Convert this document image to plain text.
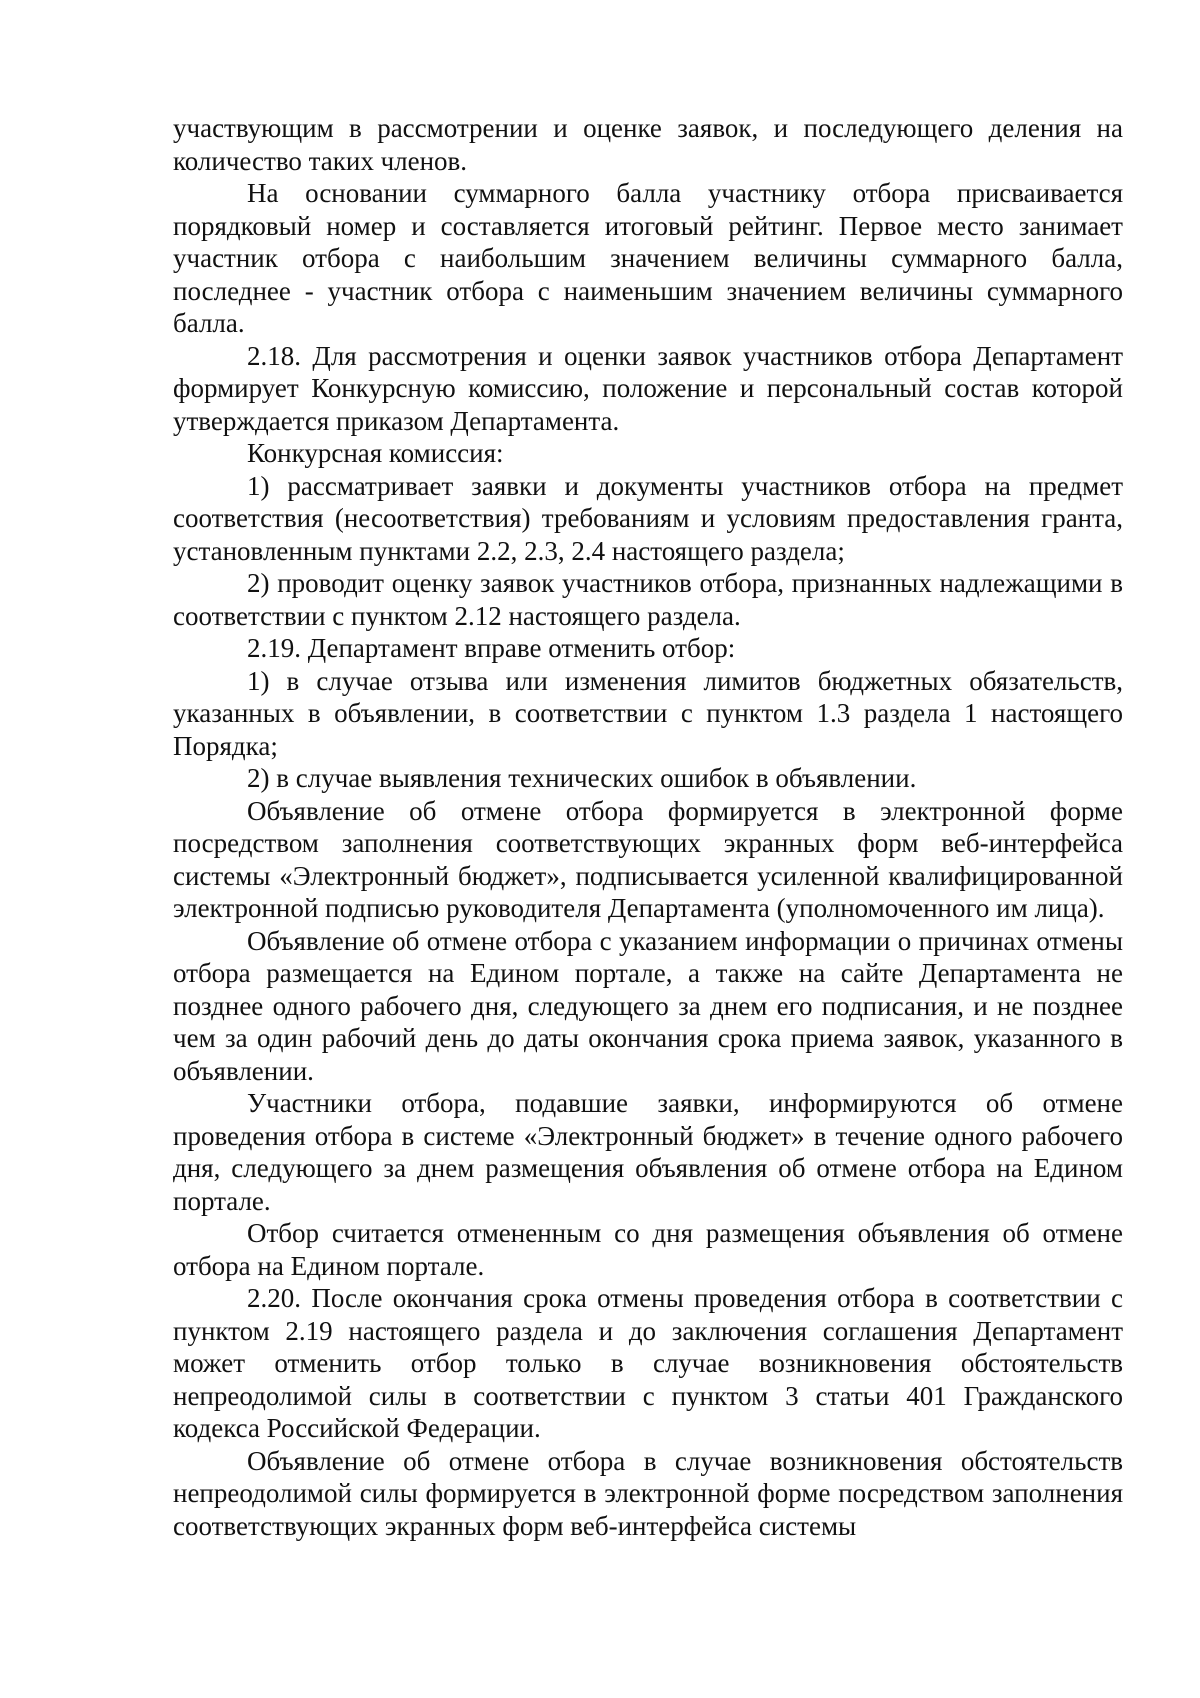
участвующим в рассмотрении и оценке заявок, и последующего деления на количество таких членов.

На основании суммарного балла участнику отбора присваивается порядковый номер и составляется итоговый рейтинг. Первое место занимает участник отбора с наибольшим значением величины суммарного балла, последнее - участник отбора с наименьшим значением величины суммарного балла.

2.18. Для рассмотрения и оценки заявок участников отбора Департамент формирует Конкурсную комиссию, положение и персональный состав которой утверждается приказом Департамента.

Конкурсная комиссия:

1) рассматривает заявки и документы участников отбора на предмет соответствия (несоответствия) требованиям и условиям предоставления гранта, установленным пунктами 2.2, 2.3, 2.4 настоящего раздела;

2) проводит оценку заявок участников отбора, признанных надлежащими в соответствии с пунктом 2.12 настоящего раздела.

2.19. Департамент вправе отменить отбор:

1) в случае отзыва или изменения лимитов бюджетных обязательств, указанных в объявлении, в соответствии с пунктом 1.3 раздела 1 настоящего Порядка;

2) в случае выявления технических ошибок в объявлении.

Объявление об отмене отбора формируется в электронной форме посредством заполнения соответствующих экранных форм веб-интерфейса системы «Электронный бюджет», подписывается усиленной квалифицированной электронной подписью руководителя Департамента (уполномоченного им лица).

Объявление об отмене отбора с указанием информации о причинах отмены отбора размещается на Едином портале, а также на сайте Департамента не позднее одного рабочего дня, следующего за днем его подписания, и не позднее чем за один рабочий день до даты окончания срока приема заявок, указанного в объявлении.

Участники отбора, подавшие заявки, информируются об отмене проведения отбора в системе «Электронный бюджет» в течение одного рабочего дня, следующего за днем размещения объявления об отмене отбора на Едином портале.

Отбор считается отмененным со дня размещения объявления об отмене отбора на Едином портале.

2.20. После окончания срока отмены проведения отбора в соответствии с пунктом 2.19 настоящего раздела и до заключения соглашения Департамент может отменить отбор только в случае возникновения обстоятельств непреодолимой силы в соответствии с пунктом 3 статьи 401 Гражданского кодекса Российской Федерации.

Объявление об отмене отбора в случае возникновения обстоятельств непреодолимой силы формируется в электронной форме посредством заполнения соответствующих экранных форм веб-интерфейса системы
